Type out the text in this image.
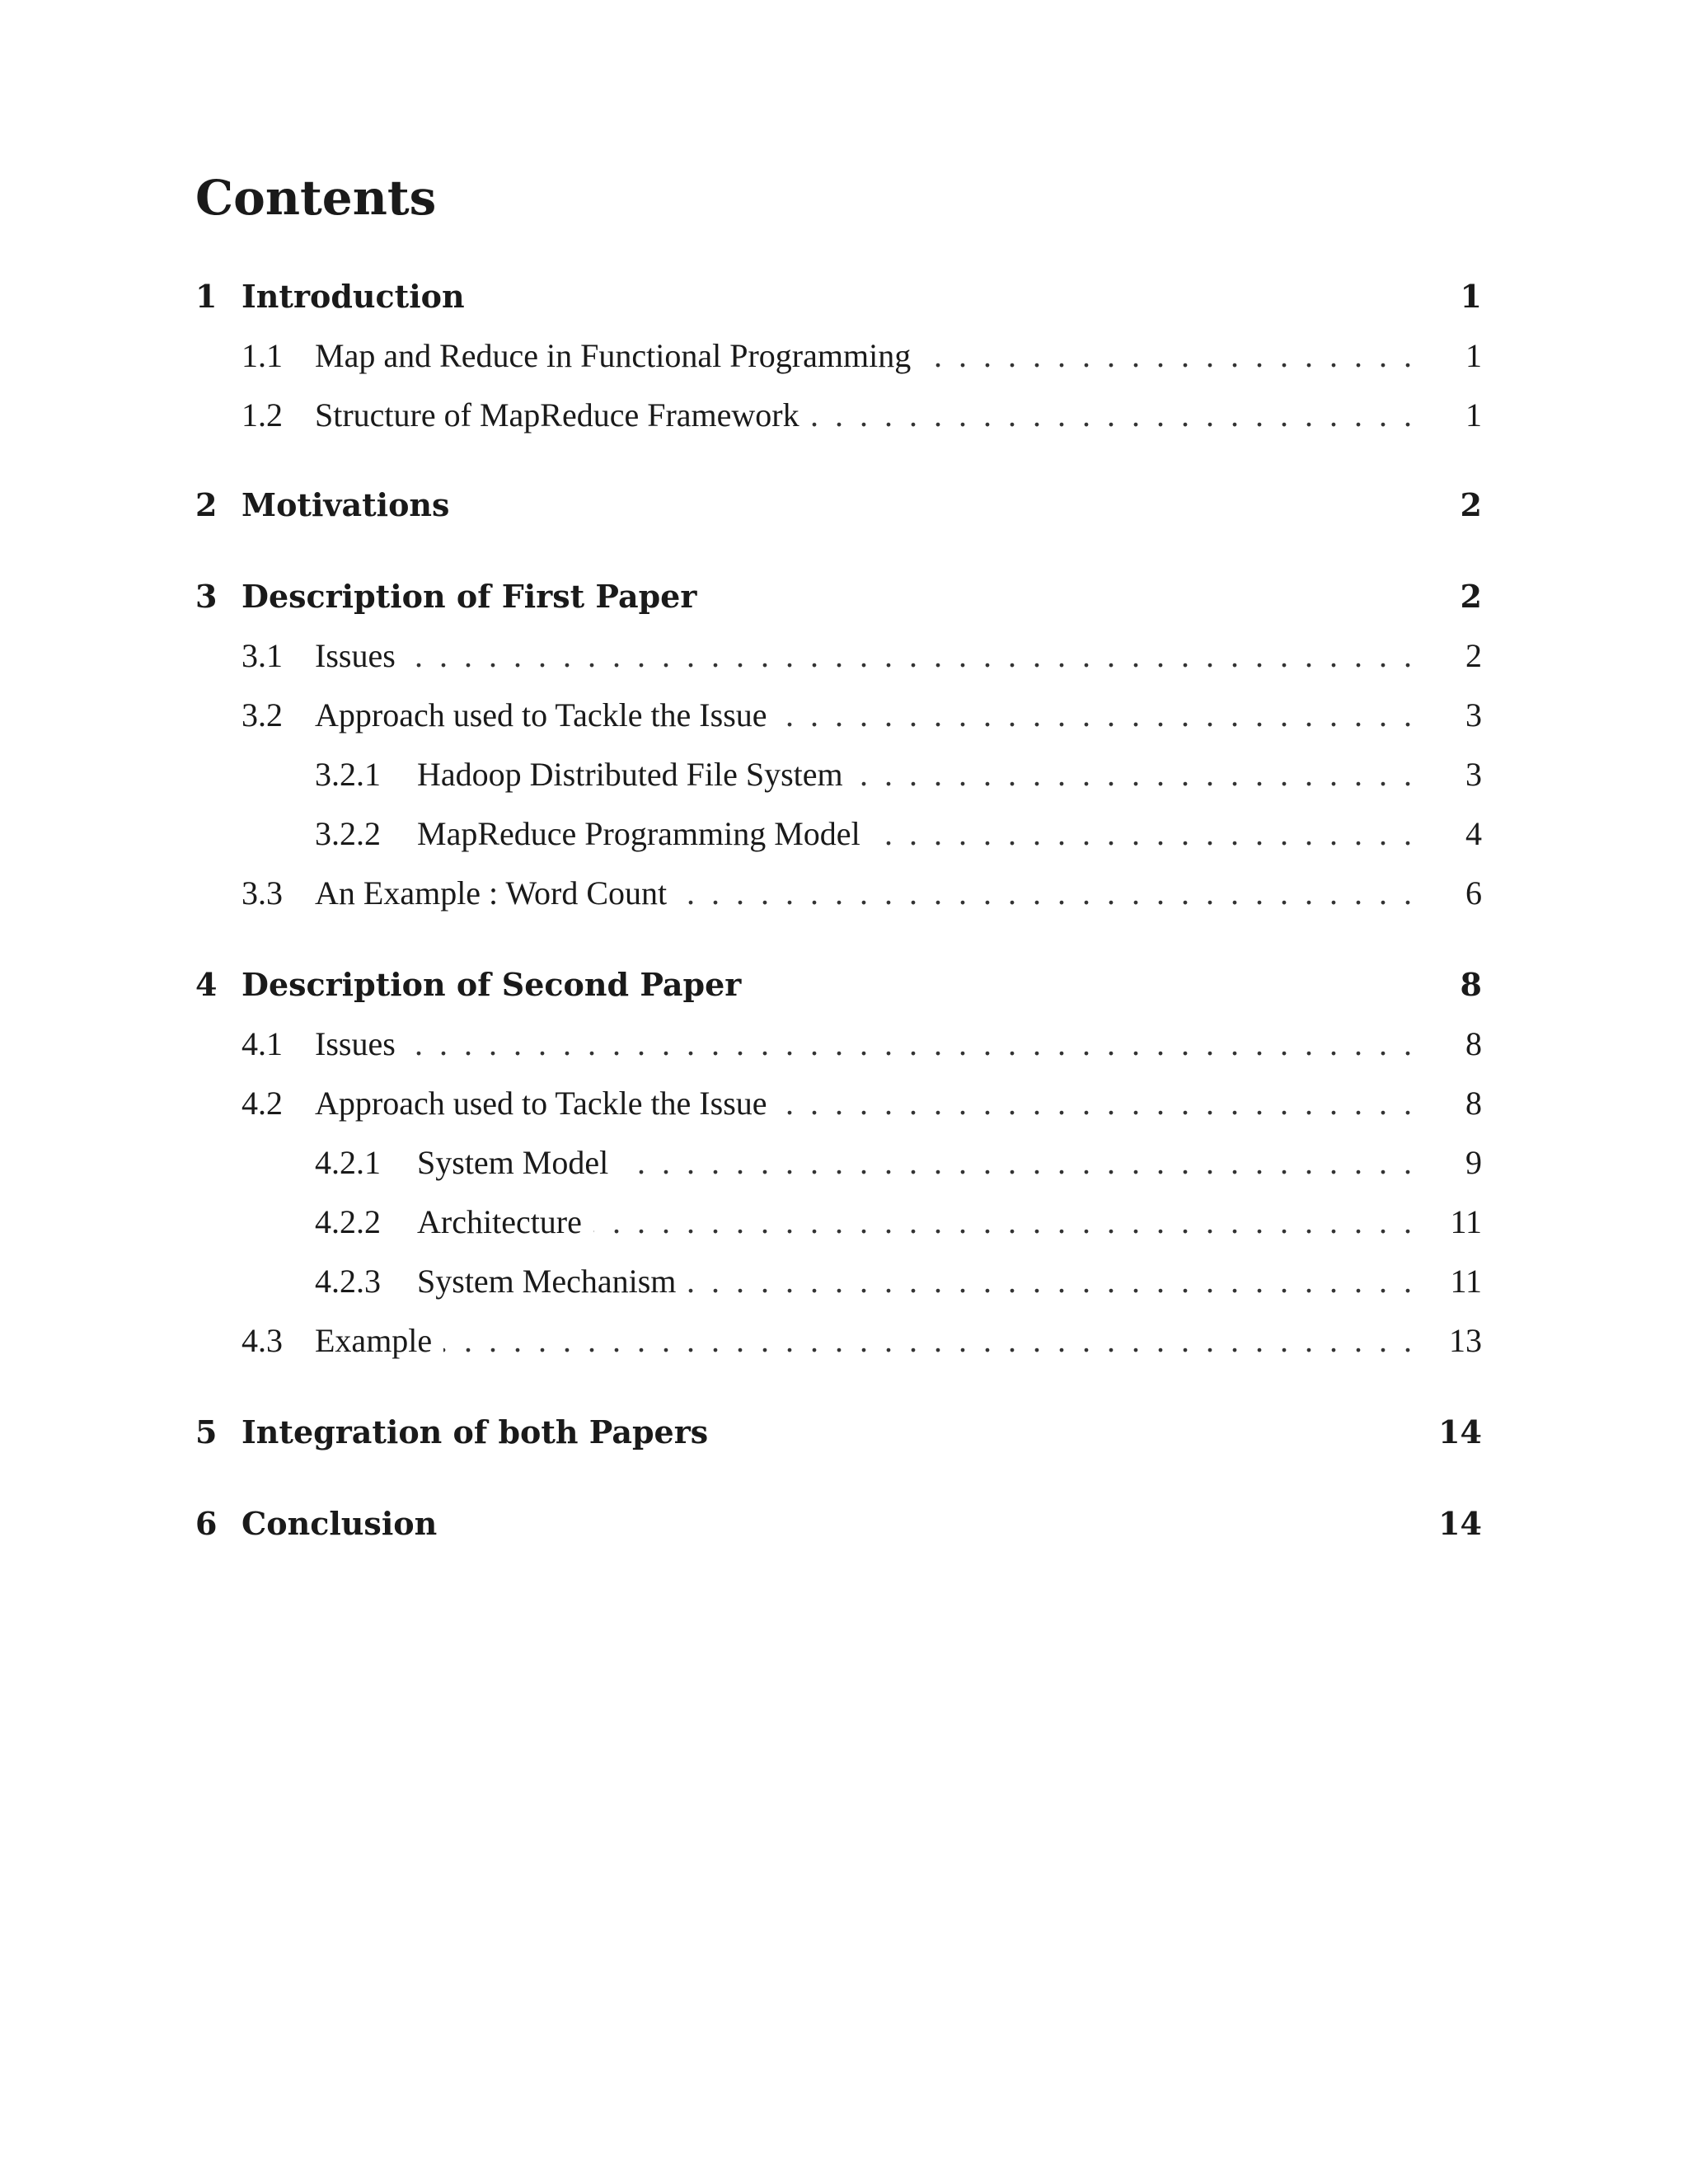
Contents
1 Introduction	1
1.1 Map and Reduce in Functional Programming . .	1
1.2 Structure of MapReduce Framework . .	1
2 Motivations	2
3 Description of First Paper	2
3.1 Issues . .	2
3.2 Approach used to Tackle the Issue . .	3
3.2.1 Hadoop Distributed File System . .	3
3.2.2 MapReduce Programming Model . .	4
3.3 An Example : Word Count . .	6
4 Description of Second Paper	8
4.1 Issues . .	8
4.2 Approach used to Tackle the Issue . .	8
4.2.1 System Model . .	9
4.2.2 Architecture . .	11
4.2.3 System Mechanism . .	11
4.3 Example . .	13
5 Integration of both Papers	14
6 Conclusion	14
